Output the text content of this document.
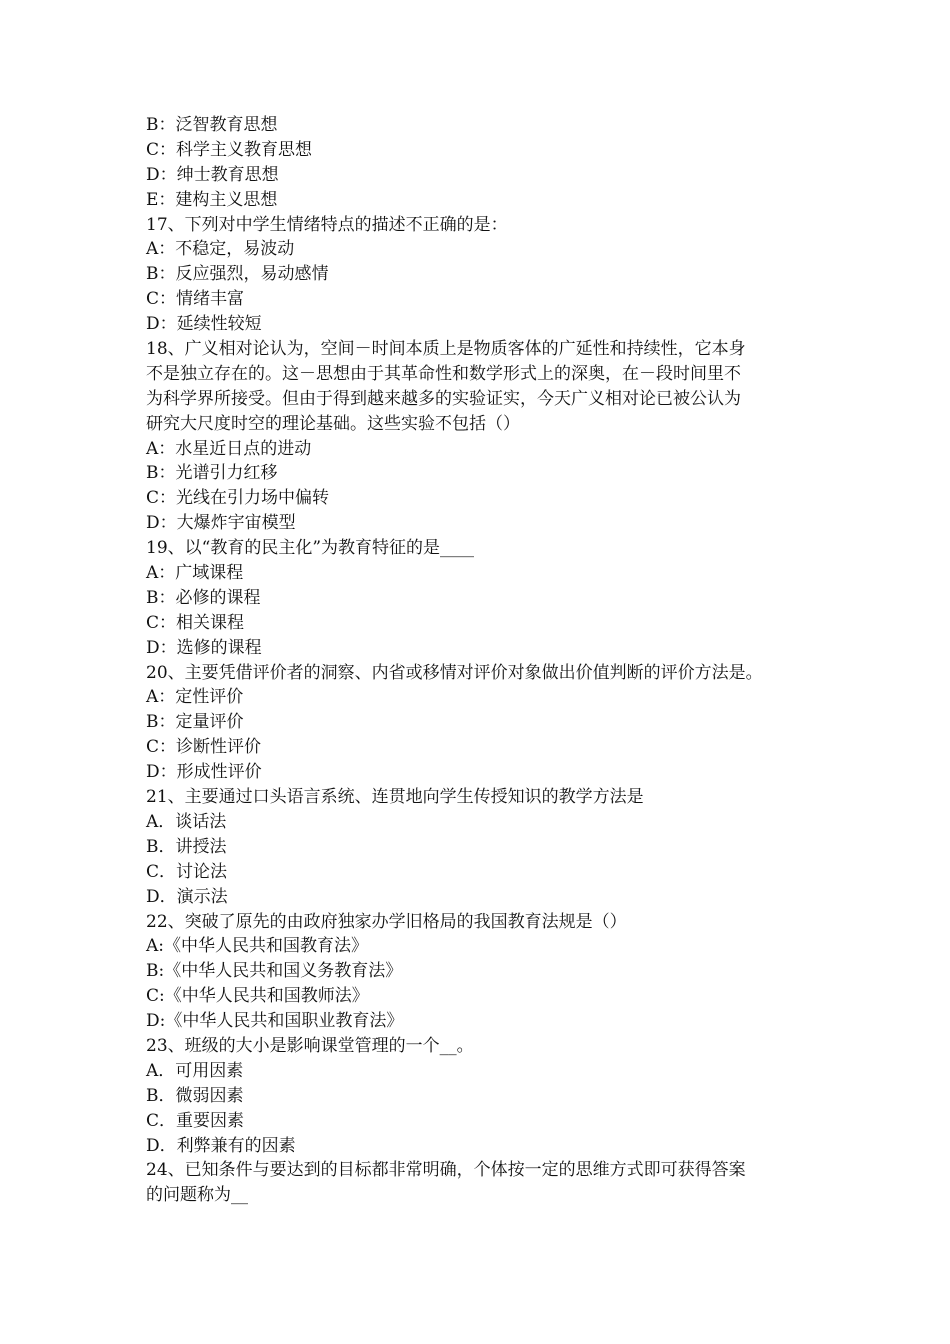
B：泛智教育思想
C：科学主义教育思想
D：绅士教育思想
E：建构主义思想
17、下列对中学生情绪特点的描述不正确的是：
A：不稳定，易波动
B：反应强烈，易动感情
C：情绪丰富
D：延续性较短
18、广义相对论认为，空间－时间本质上是物质客体的广延性和持续性，它本身
不是独立存在的。这－思想由于其革命性和数学形式上的深奥，在－段时间里不
为科学界所接受。但由于得到越来越多的实验证实，今天广义相对论已被公认为
研究大尺度时空的理论基础。这些实验不包括（）
A：水星近日点的进动
B：光谱引力红移
C：光线在引力场中偏转
D：大爆炸宇宙模型
19、以“教育的民主化”为教育特征的是____
A：广域课程
B：必修的课程
C：相关课程
D：选修的课程
20、主要凭借评价者的洞察、内省或移情对评价对象做出价值判断的评价方法是。
A：定性评价
B：定量评价
C：诊断性评价
D：形成性评价
21、主要通过口头语言系统、连贯地向学生传授知识的教学方法是
A．谈话法
B．讲授法
C．讨论法
D．演示法
22、突破了原先的由政府独家办学旧格局的我国教育法规是（）
A:《中华人民共和国教育法》
B:《中华人民共和国义务教育法》
C:《中华人民共和国教师法》
D:《中华人民共和国职业教育法》
23、班级的大小是影响课堂管理的一个__。
A．可用因素
B．微弱因素
C．重要因素
D．利弊兼有的因素
24、已知条件与要达到的目标都非常明确，个体按一定的思维方式即可获得答案
的问题称为__
